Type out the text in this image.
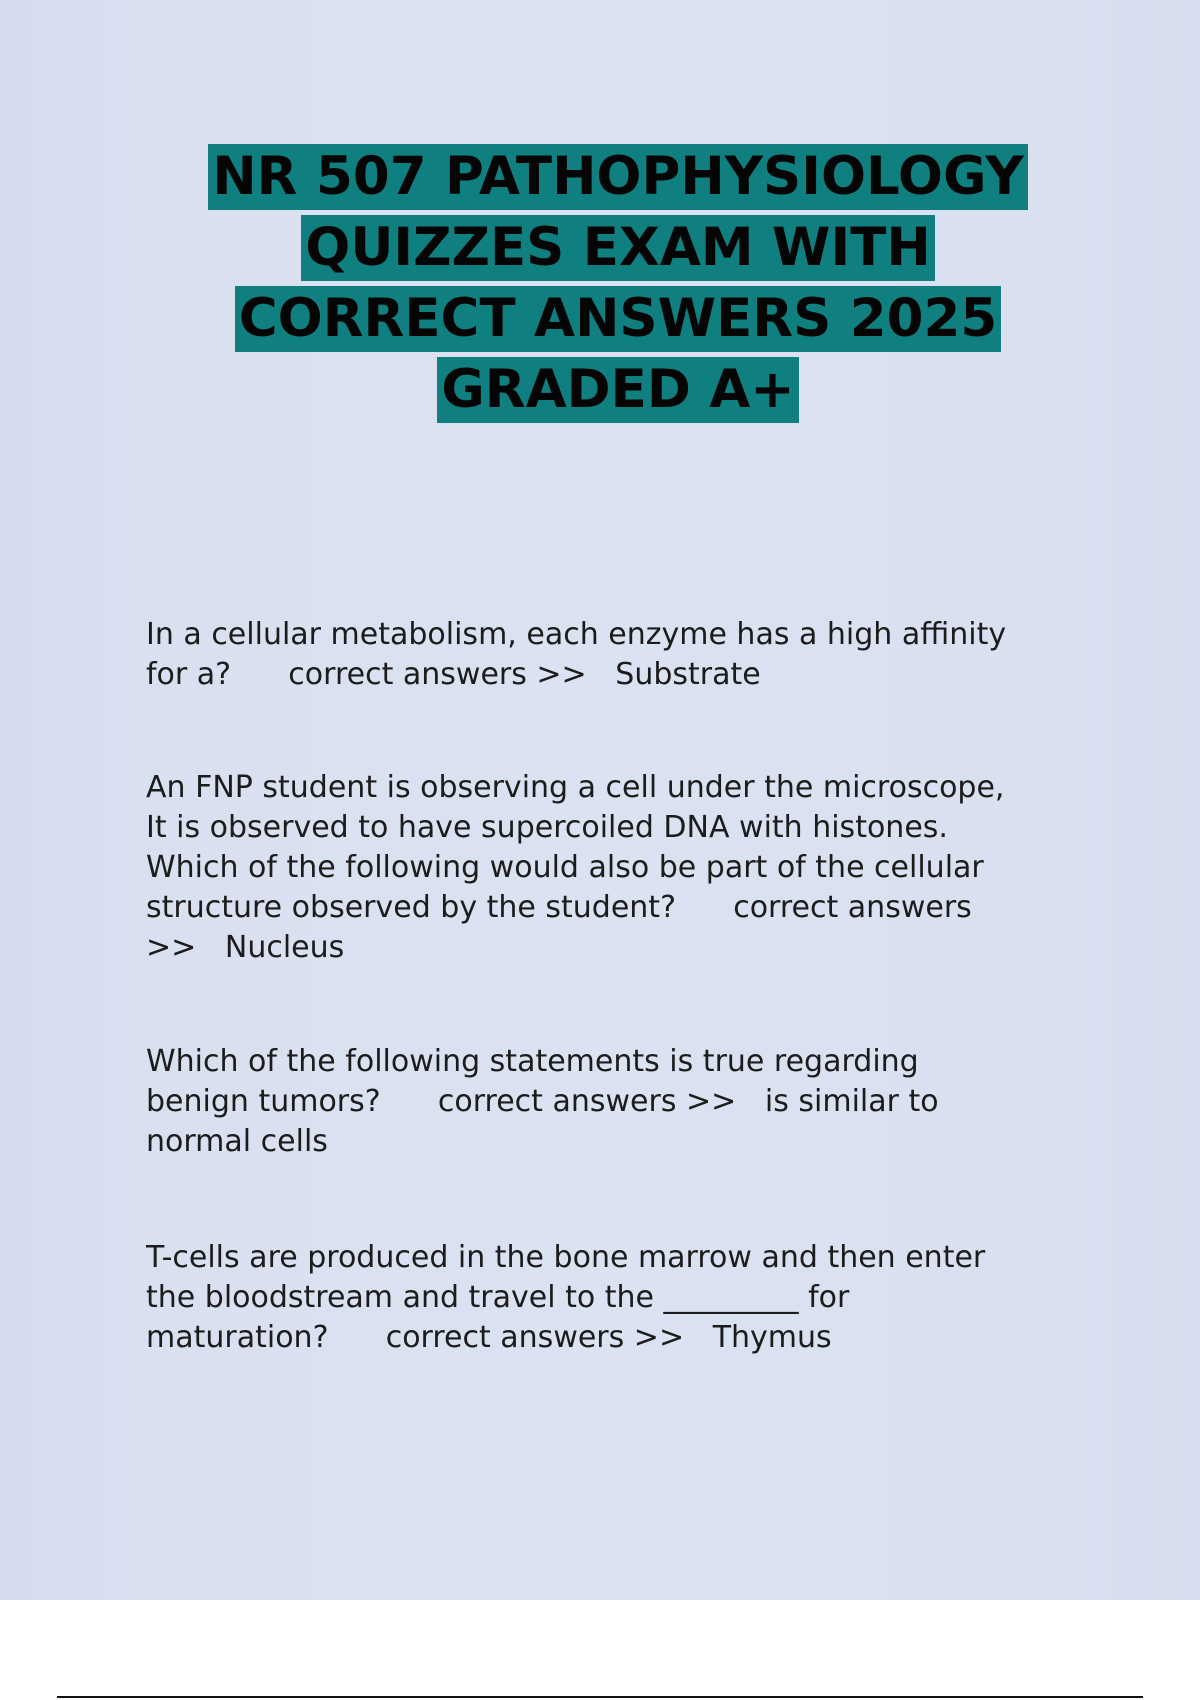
NR 507 PATHOPHYSIOLOGY
QUIZZES EXAM WITH
CORRECT ANSWERS 2025
GRADED A+

In a cellular metabolism, each enzyme has a high affinity
for a?      correct answers >>   Substrate

An FNP student is observing a cell under the microscope,
It is observed to have supercoiled DNA with histones.
Which of the following would also be part of the cellular
structure observed by the student?      correct answers
>>   Nucleus

Which of the following statements is true regarding
benign tumors?      correct answers >>   is similar to
normal cells

T-cells are produced in the bone marrow and then enter
the bloodstream and travel to the _________ for
maturation?      correct answers >>   Thymus
